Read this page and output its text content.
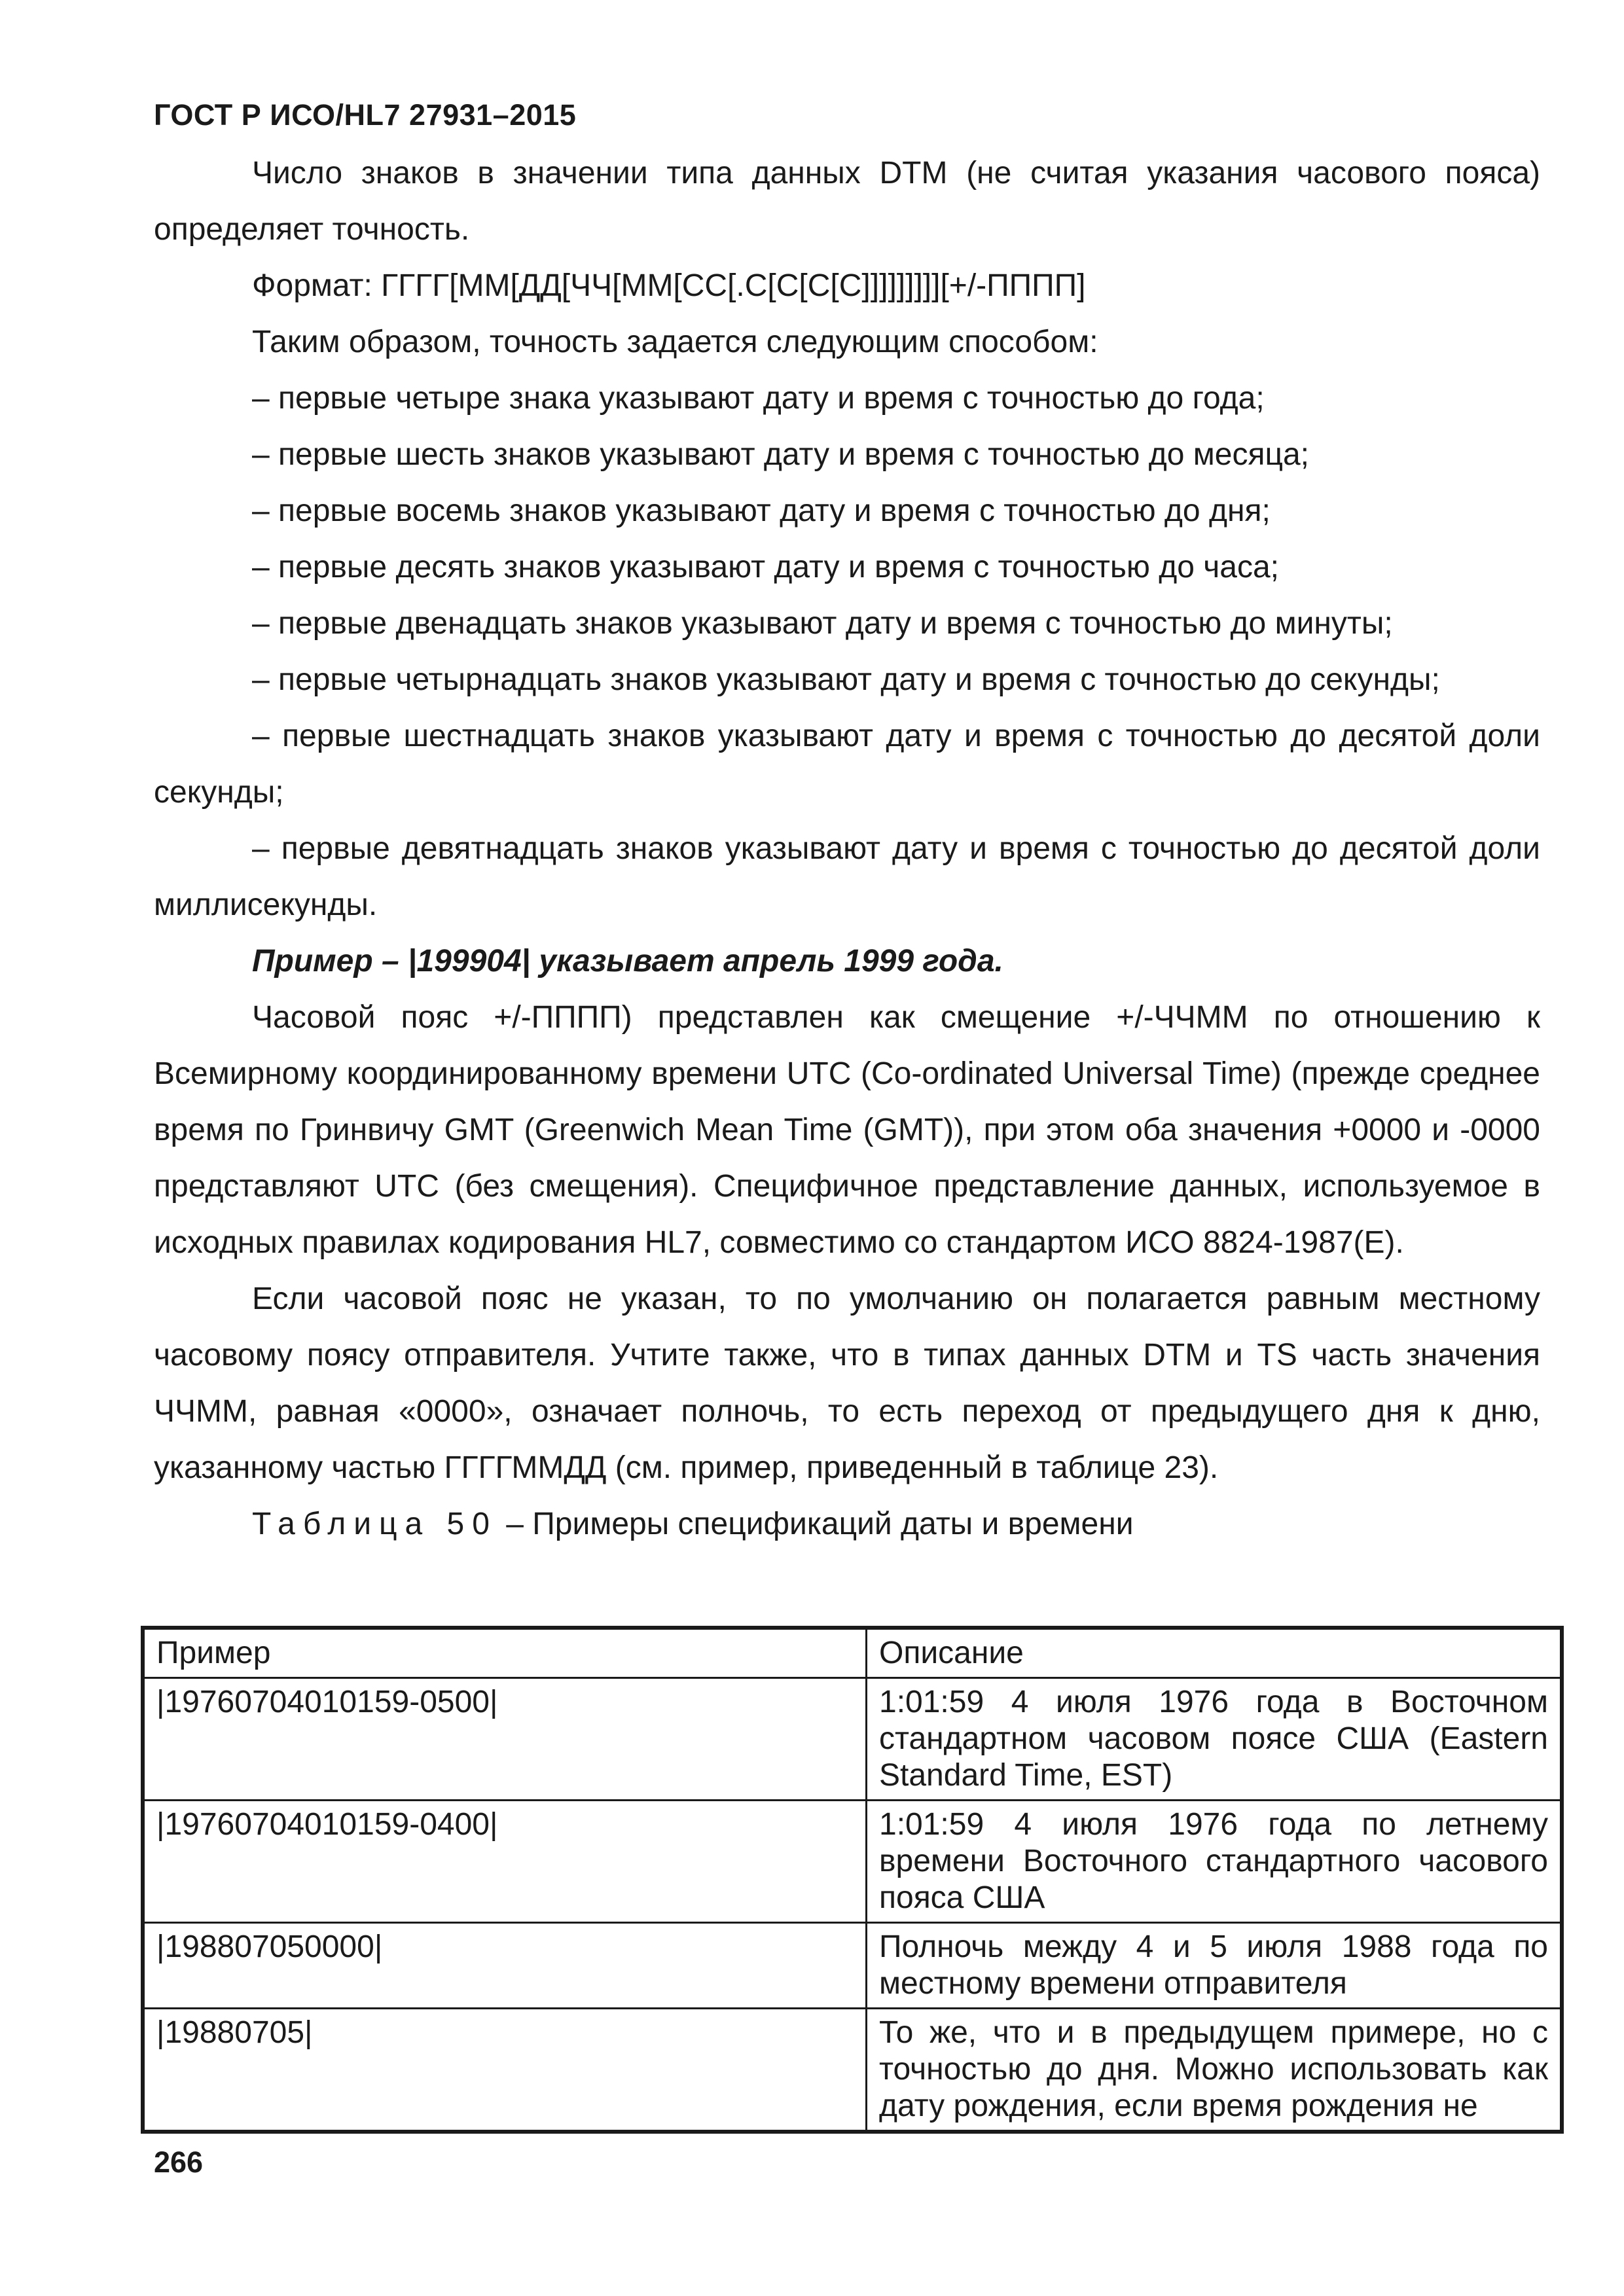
ГОСТ Р ИСО/HL7 27931–2015

Число знаков в значении типа данных DTM (не считая указания часового пояса) определяет точность.

Формат: ГГГГ[ММ[ДД[ЧЧ[ММ[СС[.С[С[С[С]]]]]]]]][+/-ПППП]

Таким образом, точность задается следующим способом:

– первые четыре знака указывают дату и время с точностью до года;

– первые шесть знаков указывают дату и время с точностью до месяца;

– первые восемь знаков указывают дату и время с точностью до дня;

– первые десять знаков указывают дату и время с точностью до часа;

– первые двенадцать знаков указывают дату и время с точностью до минуты;

– первые четырнадцать знаков указывают дату и время с точностью до секунды;

– первые шестнадцать знаков указывают дату и время с точностью до десятой доли секунды;

– первые девятнадцать знаков указывают дату и время с точностью до десятой доли миллисекунды.

Пример – |199904| указывает апрель 1999 года.

Часовой пояс +/-ПППП) представлен как смещение +/-ЧЧММ по отношению к Всемирному координированному времени UTC (Co-ordinated Universal Time) (прежде среднее время по Гринвичу GMT (Greenwich Mean Time (GMT)), при этом оба значения +0000 и -0000 представляют UTC (без смещения). Специфичное представление данных, используемое в исходных правилах кодирования HL7, совместимо со стандартом ИСО 8824-1987(E).

Если часовой пояс не указан, то по умолчанию он полагается равным местному часовому поясу отправителя. Учтите также, что в типах данных DTM и TS часть значения ЧЧММ, равная «0000», означает полночь, то есть переход от предыдущего дня к дню, указанному частью ГГГГММДД (см. пример, приведенный в таблице 23).

Таблица 50 – Примеры спецификаций даты и времени

Пример	Описание
|19760704010159-0500|	1:01:59 4 июля 1976 года в Восточном стандартном часовом поясе США (Eastern Standard Time, EST)
|19760704010159-0400|	1:01:59 4 июля 1976 года по летнему времени Восточного стандартного часового пояса США
|198807050000|	Полночь между 4 и 5 июля 1988 года по местному времени отправителя
|19880705|	То же, что и в предыдущем примере, но с точностью до дня. Можно использовать как дату рождения, если время рождения не
266
